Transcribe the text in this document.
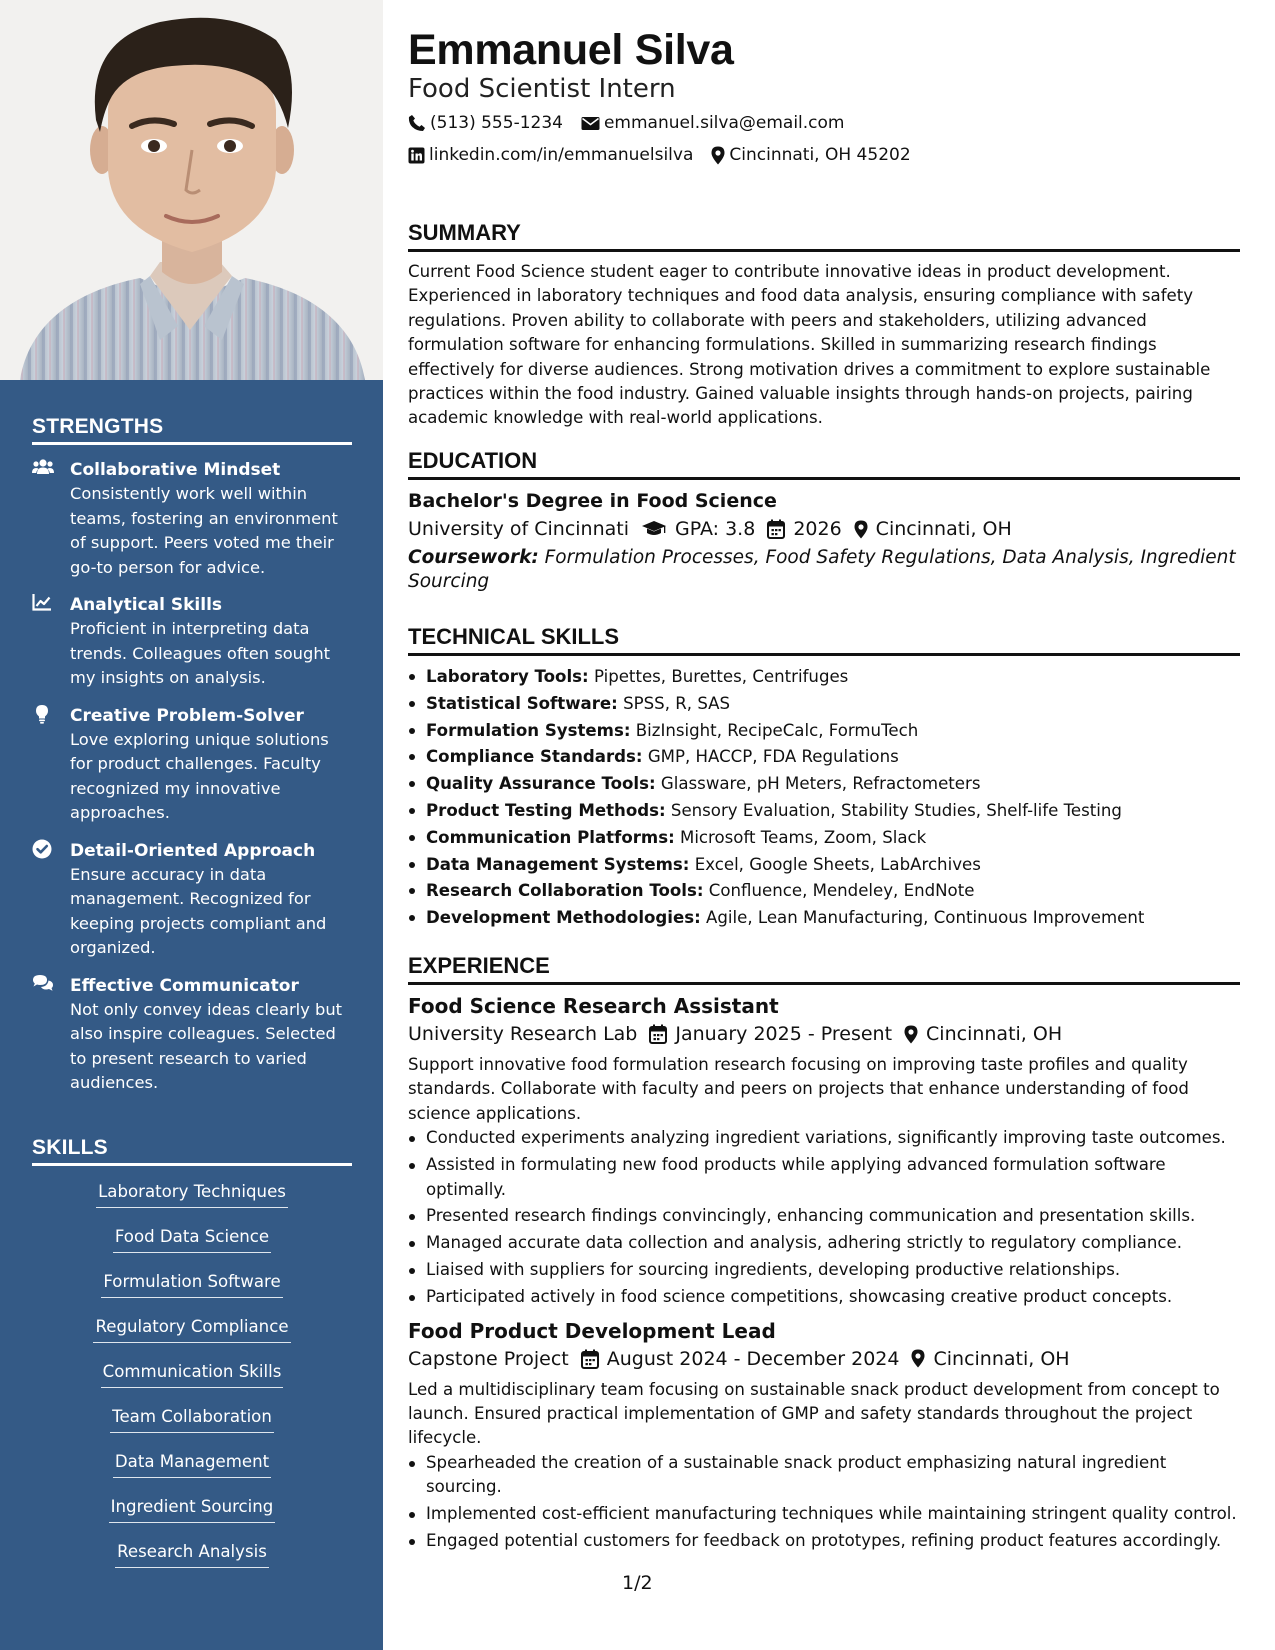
STRENGTHS
Collaborative Mindset
Consistently work well within teams, fostering an environment of support. Peers voted me their go-to person for advice.
Analytical Skills
Proficient in interpreting data trends. Colleagues often sought my insights on analysis.
Creative Problem-Solver
Love exploring unique solutions for product challenges. Faculty recognized my innovative approaches.
Detail-Oriented Approach
Ensure accuracy in data management. Recognized for keeping projects compliant and organized.
Effective Communicator
Not only convey ideas clearly but also inspire colleagues. Selected to present research to varied audiences.
SKILLS
Laboratory Techniques
Food Data Science
Formulation Software
Regulatory Compliance
Communication Skills
Team Collaboration
Data Management
Ingredient Sourcing
Research Analysis
Emmanuel Silva
Food Scientist Intern
(513) 555-1234 emmanuel.silva@email.com
linkedin.com/in/emmanuelsilva Cincinnati, OH 45202
SUMMARY
Current Food Science student eager to contribute innovative ideas in product development. Experienced in laboratory techniques and food data analysis, ensuring compliance with safety regulations. Proven ability to collaborate with peers and stakeholders, utilizing advanced formulation software for enhancing formulations. Skilled in summarizing research findings effectively for diverse audiences. Strong motivation drives a commitment to explore sustainable practices within the food industry. Gained valuable insights through hands-on projects, pairing academic knowledge with real-world applications.
EDUCATION
Bachelor's Degree in Food Science
University of Cincinnati GPA: 3.8 2026 Cincinnati, OH
Coursework: Formulation Processes, Food Safety Regulations, Data Analysis, Ingredient Sourcing
TECHNICAL SKILLS
Laboratory Tools: Pipettes, Burettes, Centrifuges
Statistical Software: SPSS, R, SAS
Formulation Systems: BizInsight, RecipeCalc, FormuTech
Compliance Standards: GMP, HACCP, FDA Regulations
Quality Assurance Tools: Glassware, pH Meters, Refractometers
Product Testing Methods: Sensory Evaluation, Stability Studies, Shelf-life Testing
Communication Platforms: Microsoft Teams, Zoom, Slack
Data Management Systems: Excel, Google Sheets, LabArchives
Research Collaboration Tools: Confluence, Mendeley, EndNote
Development Methodologies: Agile, Lean Manufacturing, Continuous Improvement
EXPERIENCE
Food Science Research Assistant
University Research Lab January 2025 - Present Cincinnati, OH
Support innovative food formulation research focusing on improving taste profiles and quality standards. Collaborate with faculty and peers on projects that enhance understanding of food science applications.
Conducted experiments analyzing ingredient variations, significantly improving taste outcomes.
Assisted in formulating new food products while applying advanced formulation software optimally.
Presented research findings convincingly, enhancing communication and presentation skills.
Managed accurate data collection and analysis, adhering strictly to regulatory compliance.
Liaised with suppliers for sourcing ingredients, developing productive relationships.
Participated actively in food science competitions, showcasing creative product concepts.
Food Product Development Lead
Capstone Project August 2024 - December 2024 Cincinnati, OH
Led a multidisciplinary team focusing on sustainable snack product development from concept to launch. Ensured practical implementation of GMP and safety standards throughout the project lifecycle.
Spearheaded the creation of a sustainable snack product emphasizing natural ingredient sourcing.
Implemented cost-efficient manufacturing techniques while maintaining stringent quality control.
Engaged potential customers for feedback on prototypes, refining product features accordingly.
1/2
